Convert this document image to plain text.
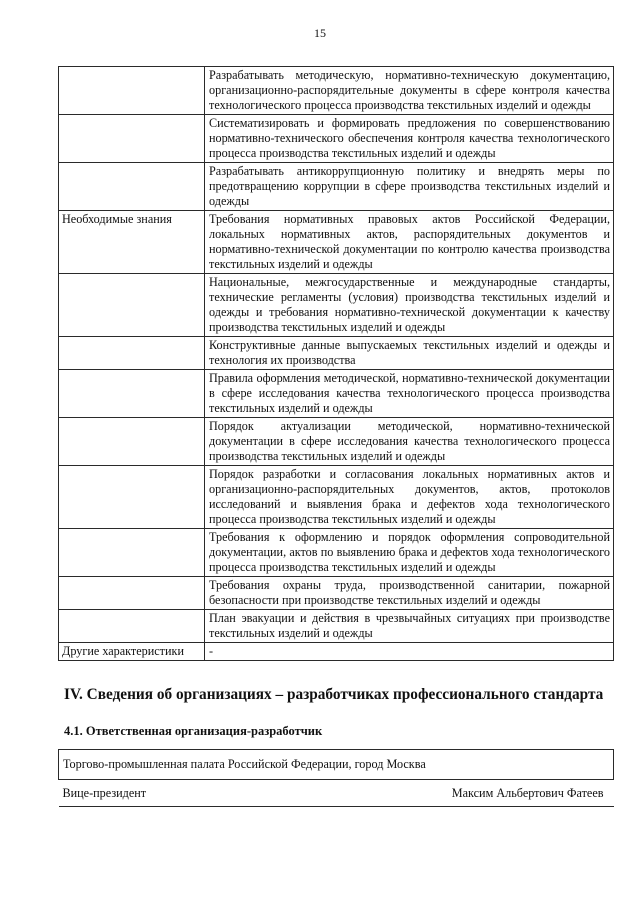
15
	Разрабатывать методическую, нормативно-техническую документацию, организационно-распорядительные документы в сфере контроля качества технологического процесса производства текстильных изделий и одежды
	Систематизировать и формировать предложения по совершенствованию нормативно-технического обеспечения контроля качества технологического процесса производства текстильных изделий и одежды
	Разрабатывать антикоррупционную политику и внедрять меры по предотвращению коррупции в сфере производства текстильных изделий и одежды
Необходимые знания	Требования нормативных правовых актов Российской Федерации, локальных нормативных актов, распорядительных документов и нормативно-технической документации по контролю качества производства текстильных изделий и одежды
	Национальные, межгосударственные и международные стандарты, технические регламенты (условия) производства текстильных изделий и одежды и требования нормативно-технической документации к качеству производства текстильных изделий и одежды
	Конструктивные данные выпускаемых текстильных изделий и одежды и технология их производства
	Правила оформления методической, нормативно-технической документации в сфере исследования качества технологического процесса производства текстильных изделий и одежды
	Порядок актуализации методической, нормативно-технической документации в сфере исследования качества технологического процесса производства текстильных изделий и одежды
	Порядок разработки и согласования локальных нормативных актов и организационно-распорядительных документов, актов, протоколов исследований и выявления брака и дефектов хода технологического процесса производства текстильных изделий и одежды
	Требования к оформлению и порядок оформления сопроводительной документации, актов по выявлению брака и дефектов хода технологического процесса производства текстильных изделий и одежды
	Требования охраны труда, производственной санитарии, пожарной безопасности при производстве текстильных изделий и одежды
	План эвакуации и действия в чрезвычайных ситуациях при производстве текстильных изделий и одежды
Другие характеристики	-
IV. Сведения об организациях – разработчиках профессионального стандарта
4.1. Ответственная организация-разработчик
Торгово-промышленная палата Российской Федерации, город Москва

Вице-президент	Максим Альбертович Фатеев
